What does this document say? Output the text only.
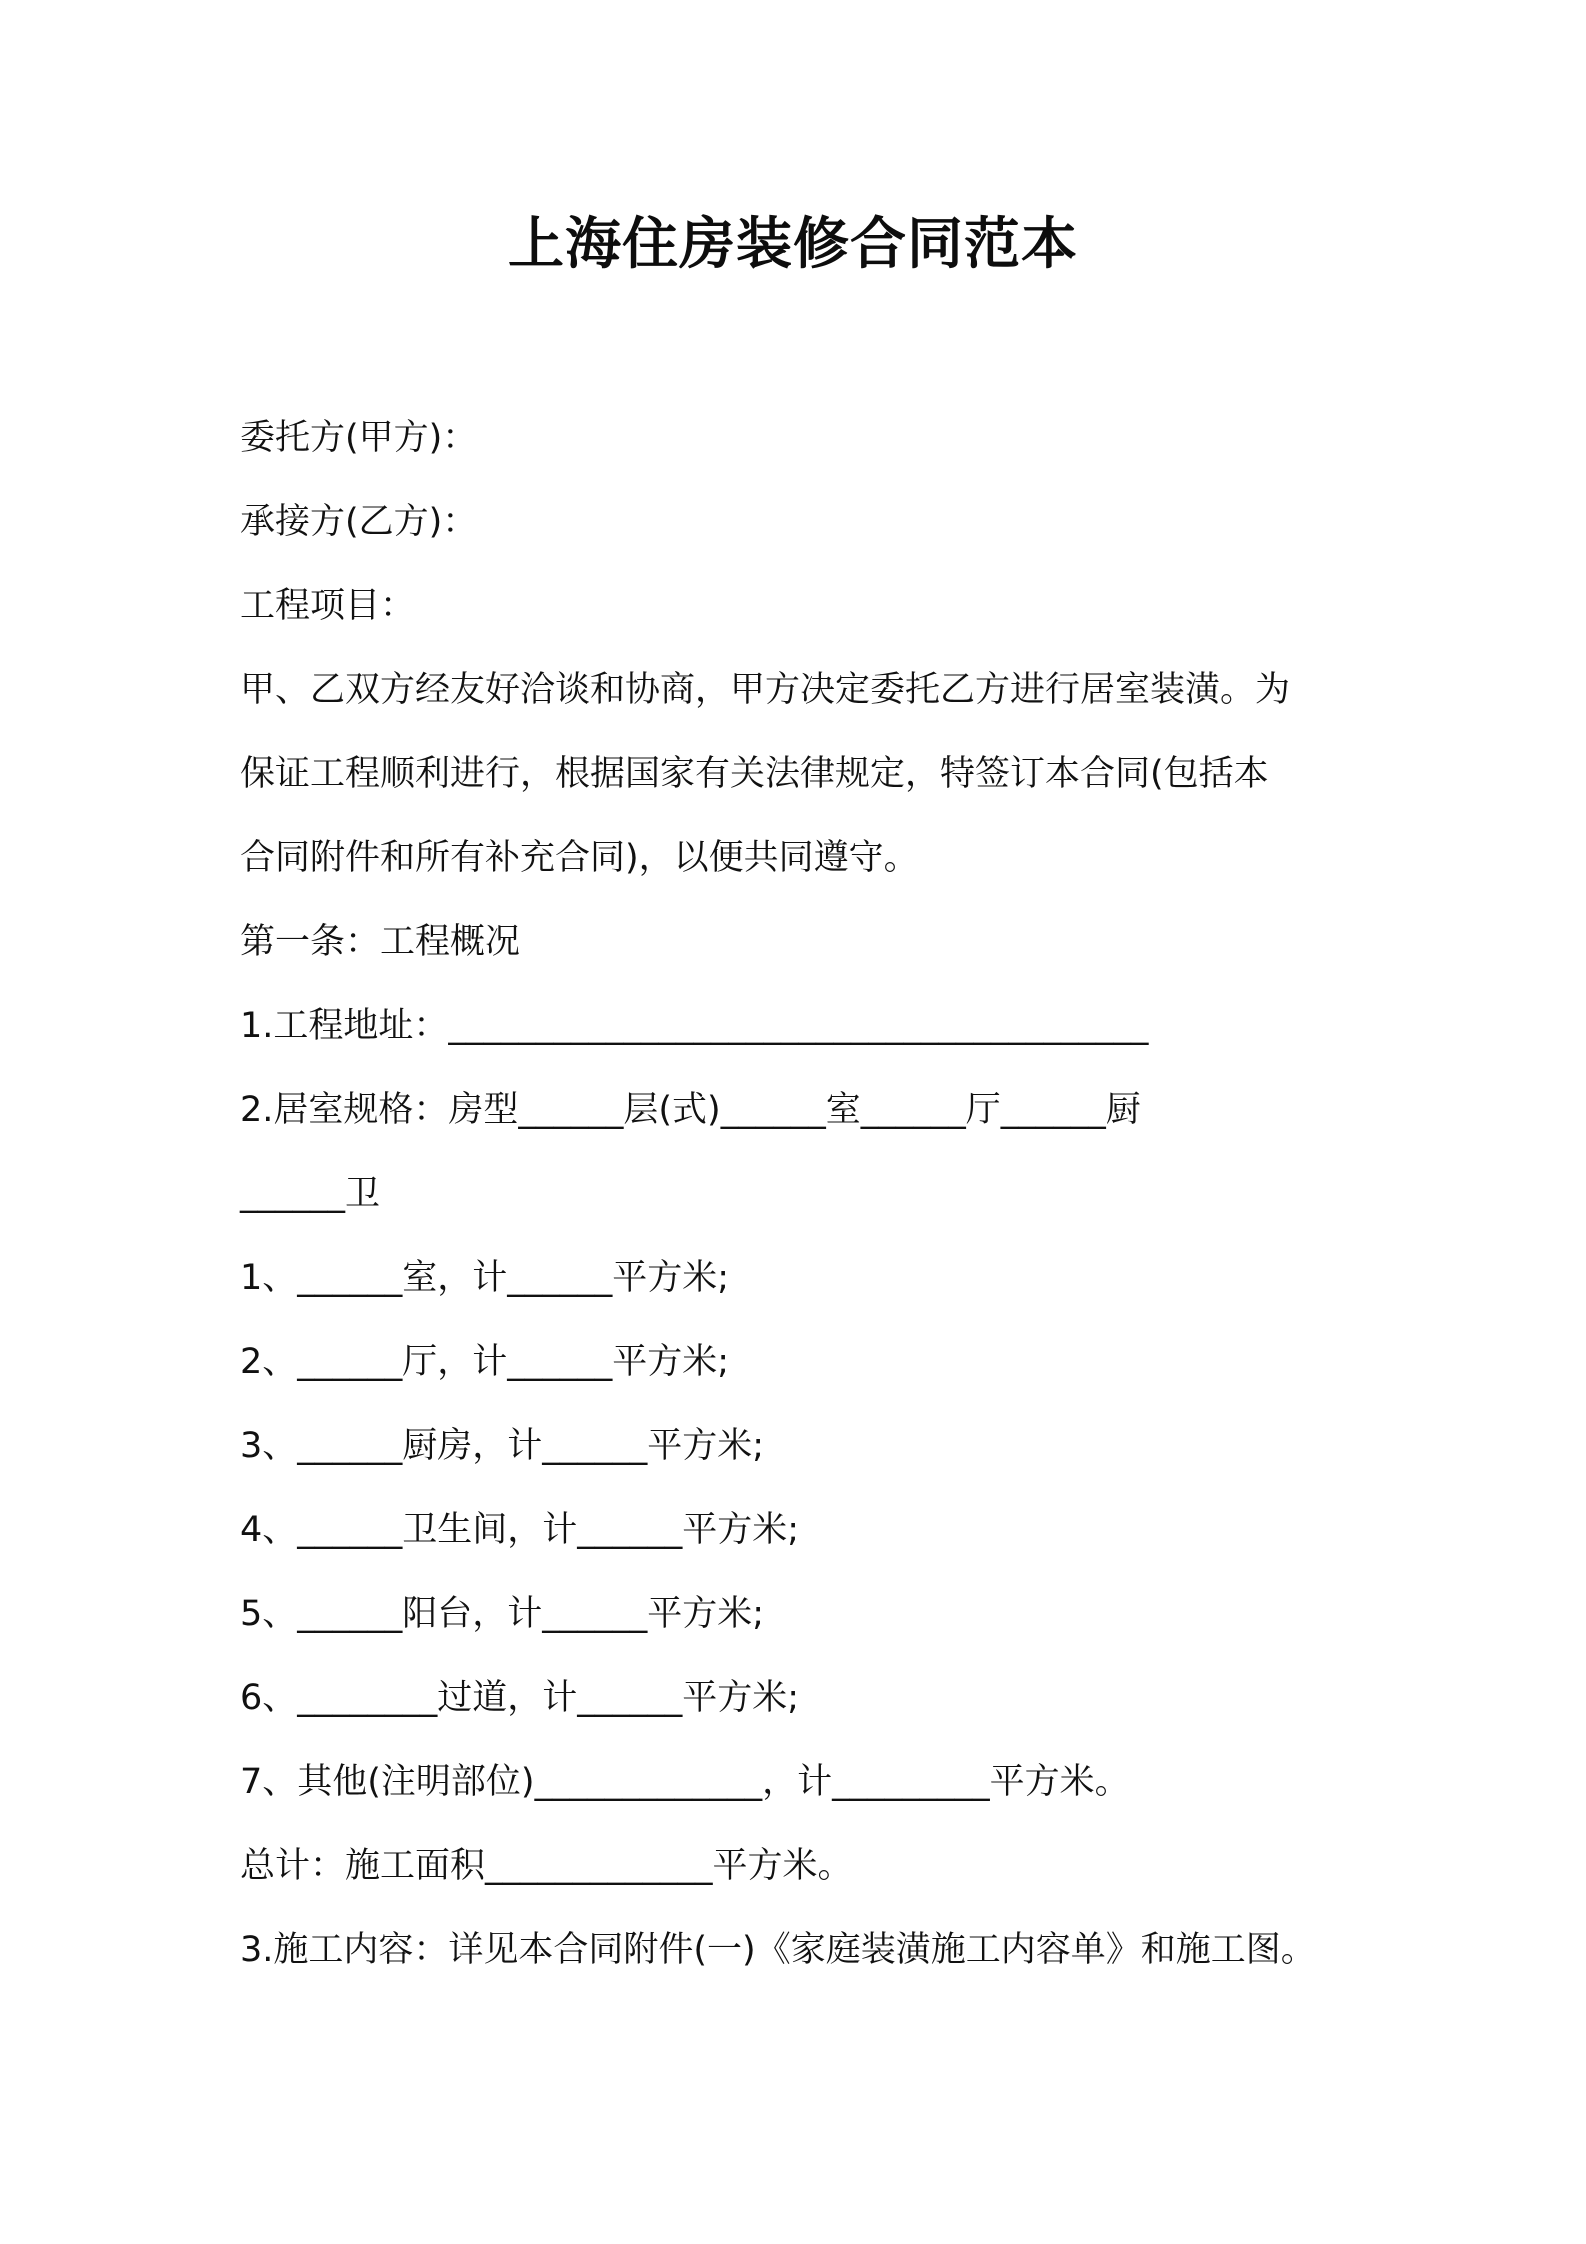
上海住房装修合同范本
委托方(甲方)：
承接方(乙方)：
工程项目：
甲、乙双方经友好洽谈和协商，甲方决定委托乙方进行居室装潢。为
保证工程顺利进行，根据国家有关法律规定，特签订本合同(包括本
合同附件和所有补充合同)，以便共同遵守。
第一条：工程概况
1.工程地址：________________________________________
2.居室规格：房型______层(式)______室______厅______厨
______卫
1、______室，计______平方米;
2、______厅，计______平方米;
3、______厨房，计______平方米;
4、______卫生间，计______平方米;
5、______阳台，计______平方米;
6、________过道，计______平方米;
7、其他(注明部位)_____________，计_________平方米。
总计：施工面积_____________平方米。
3.施工内容：详见本合同附件(一)《家庭装潢施工内容单》和施工图。
